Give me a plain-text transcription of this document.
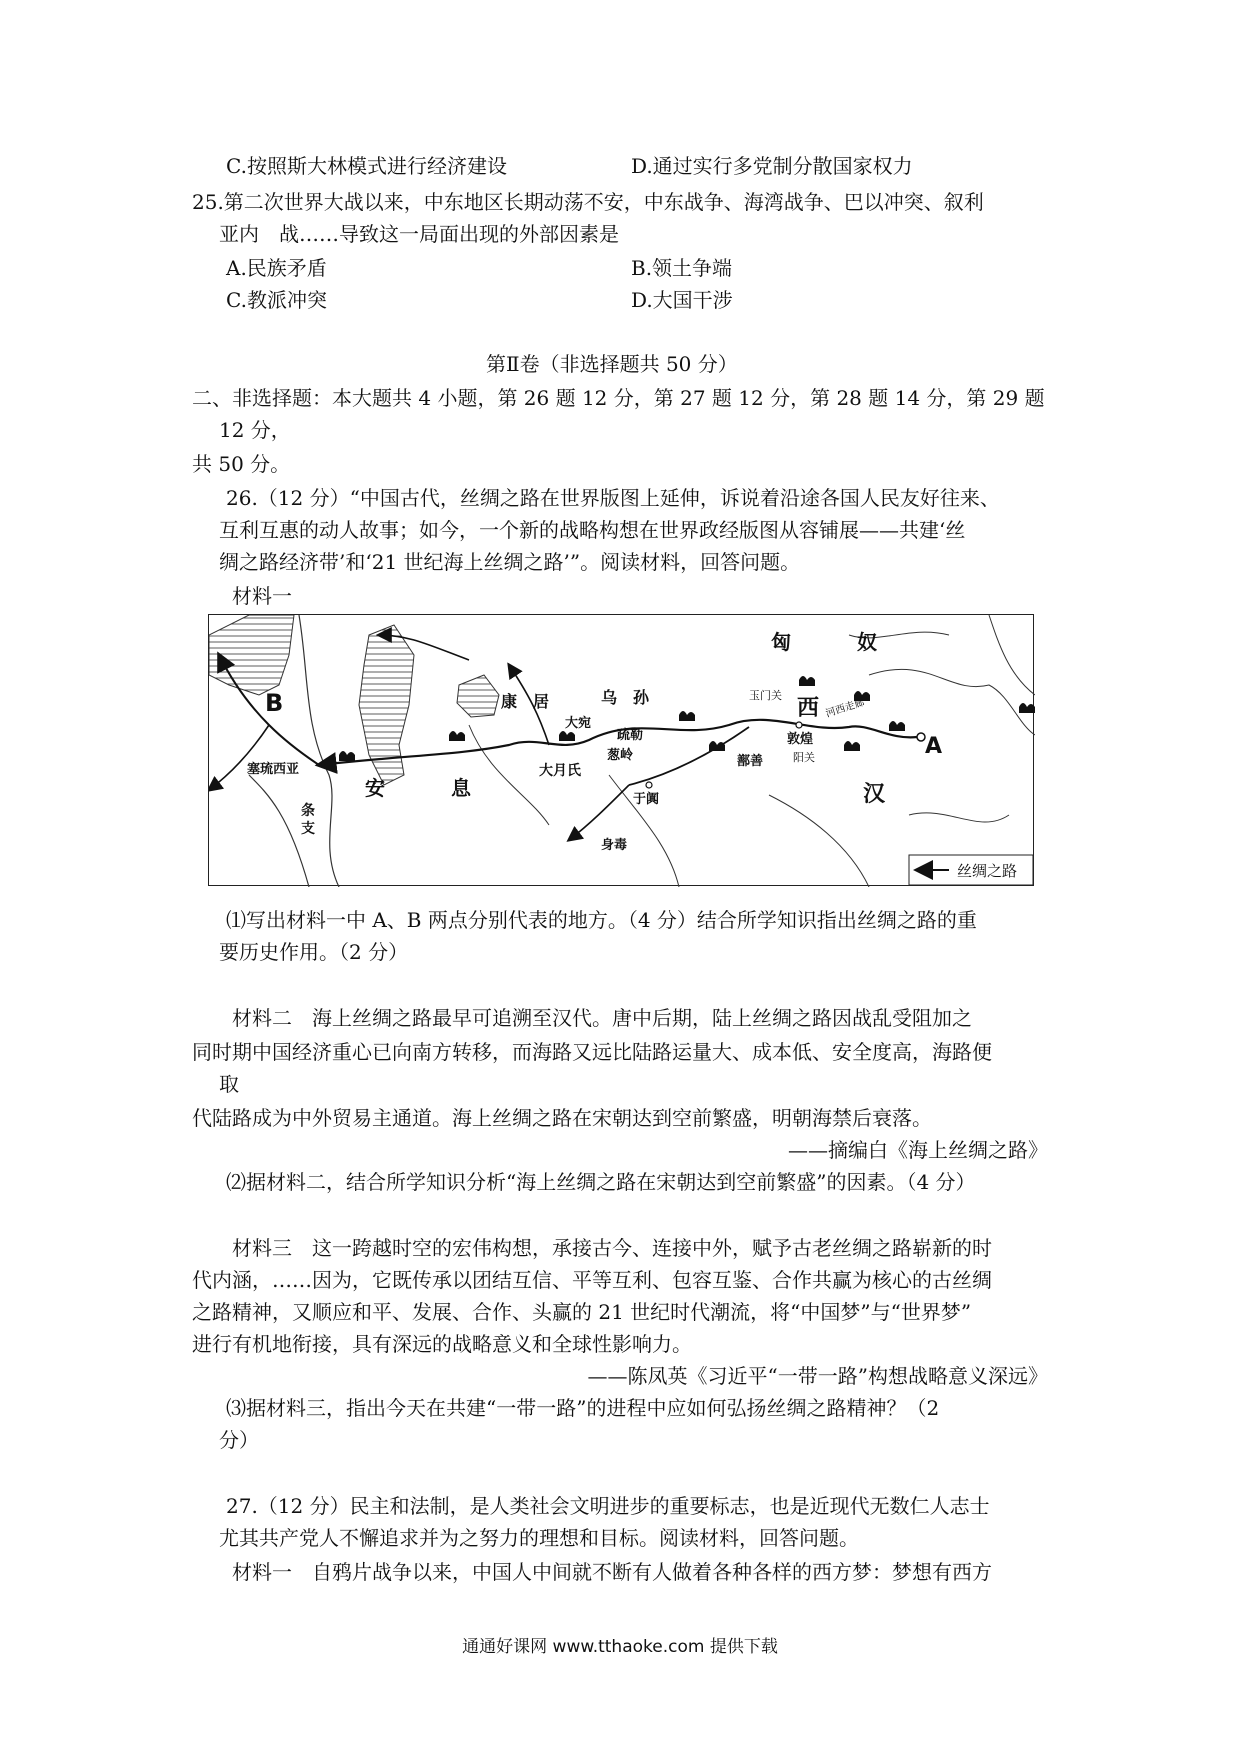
C.按照斯大林模式进行经济建设	D.通过实行多党制分散国家权力
25.第二次世界大战以来，中东地区长期动荡不安，中东战争、海湾战争、巴以冲突、叙利
亚内　战……导致这一局面出现的外部因素是
A.民族矛盾	B.领土争端
C.教派冲突	D.大国干涉
第Ⅱ卷（非选择题共 50 分）
二、非选择题：本大题共 4 小题，第 26 题 12 分，第 27 题 12 分，第 28 题 14 分，第 29 题
12 分，
共 50 分。
26.（12 分）“中国古代，丝绸之路在世界版图上延伸，诉说着沿途各国人民友好往来、
互利互惠的动人故事；如今，一个新的战略构想在世界政经版图从容铺展——共建‘丝
绸之路经济带’和‘21 世纪海上丝绸之路’”。阅读材料，回答问题。
材料一
丝绸之路
匈	奴
康　居	乌　孙
大宛
疏勒
葱岭
大月氏
安	息
玉门关
敦煌
阳关
鄯善
于阗
河西走廊
西
汉
A
B
塞琉西亚
条 支
身毒
⑴写出材料一中 A、B 两点分别代表的地方。（4 分）结合所学知识指出丝绸之路的重
要历史作用。（2 分）
材料二　海上丝绸之路最早可追溯至汉代。唐中后期，陆上丝绸之路因战乱受阻加之
同时期中国经济重心已向南方转移，而海路又远比陆路运量大、成本低、安全度高，海路便
取
代陆路成为中外贸易主通道。海上丝绸之路在宋朝达到空前繁盛，明朝海禁后衰落。
——摘编白《海上丝绸之路》
⑵据材料二，结合所学知识分析“海上丝绸之路在宋朝达到空前繁盛”的因素。（4 分）
材料三　这一跨越时空的宏伟构想，承接古今、连接中外，赋予古老丝绸之路崭新的时
代内涵，……因为，它既传承以团结互信、平等互利、包容互鉴、合作共赢为核心的古丝绸
之路精神，又顺应和平、发展、合作、头赢的 21 世纪时代潮流，将“中国梦”与“世界梦”
进行有机地衔接，具有深远的战略意义和全球性影响力。
——陈凤英《习近平“一带一路”构想战略意义深远》
⑶据材料三，指出今天在共建“一带一路”的进程中应如何弘扬丝绸之路精神？（2
分）
27.（12 分）民主和法制，是人类社会文明进步的重要标志，也是近现代无数仁人志士
尤其共产党人不懈追求并为之努力的理想和目标。阅读材料，回答问题。
材料一　自鸦片战争以来，中国人中间就不断有人做着各种各样的西方梦：梦想有西方
通通好课网 www.tthaoke.com 提供下载
